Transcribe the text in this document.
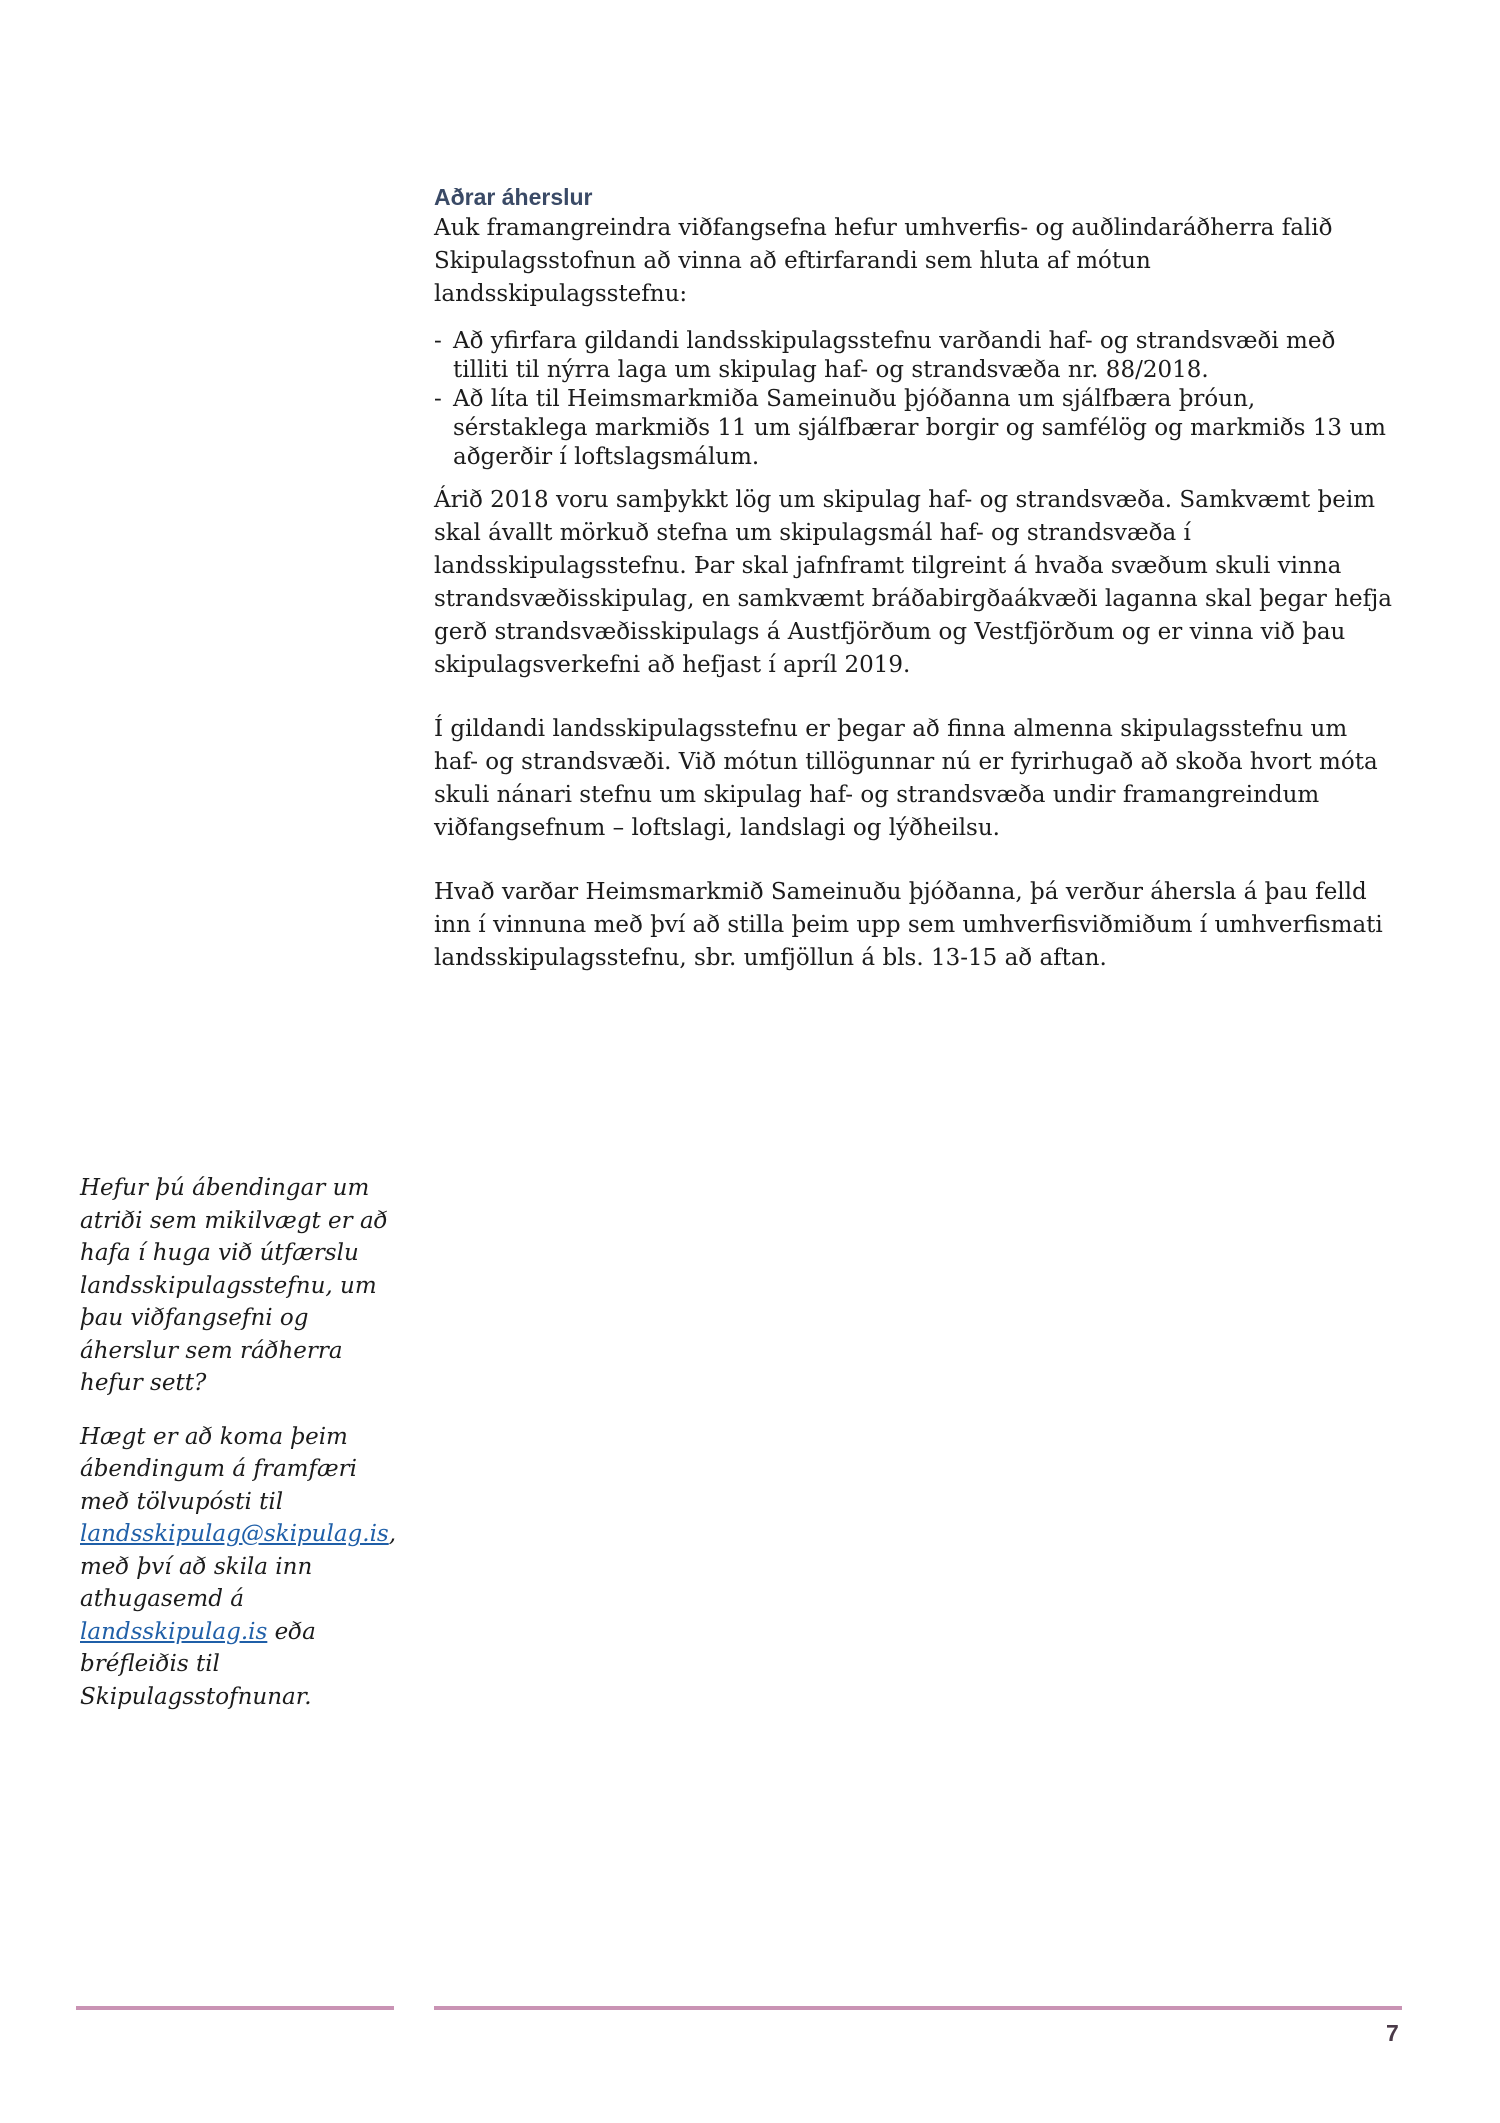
Aðrar áherslur

Auk framangreindra viðfangsefna hefur umhverfis- og auðlindaráðherra falið Skipulagsstofnun að vinna að eftirfarandi sem hluta af mótun landsskipulagsstefnu:

- Að yfirfara gildandi landsskipulagsstefnu varðandi haf- og strandsvæði með tilliti til nýrra laga um skipulag haf- og strandsvæða nr. 88/2018.
- Að líta til Heimsmarkmiða Sameinuðu þjóðanna um sjálfbæra þróun, sérstaklega markmiðs 11 um sjálfbærar borgir og samfélög og markmiðs 13 um aðgerðir í loftslagsmálum.

Árið 2018 voru samþykkt lög um skipulag haf- og strandsvæða. Samkvæmt þeim skal ávallt mörkuð stefna um skipulagsmál haf- og strandsvæða í landsskipulagsstefnu. Þar skal jafnframt tilgreint á hvaða svæðum skuli vinna strandsvæðisskipulag, en samkvæmt bráðabirgðaákvæði laganna skal þegar hefja gerð strandsvæðisskipulags á Austfjörðum og Vestfjörðum og er vinna við þau skipulagsverkefni að hefjast í apríl 2019.

Í gildandi landsskipulagsstefnu er þegar að finna almenna skipulagsstefnu um haf- og strandsvæði. Við mótun tillögunnar nú er fyrirhugað að skoða hvort móta skuli nánari stefnu um skipulag haf- og strandsvæða undir framangreindum viðfangsefnum – loftslagi, landslagi og lýðheilsu.

Hvað varðar Heimsmarkmið Sameinuðu þjóðanna, þá verður áhersla á þau felld inn í vinnuna með því að stilla þeim upp sem umhverfisviðmiðum í umhverfismati landsskipulagsstefnu, sbr. umfjöllun á bls. 13-15 að aftan.

Hefur þú ábendingar um atriði sem mikilvægt er að hafa í huga við útfærslu landsskipulagsstefnu, um þau viðfangsefni og áherslur sem ráðherra hefur sett?

Hægt er að koma þeim ábendingum á framfæri með tölvupósti til landsskipulag@skipulag.is, með því að skila inn athugasemd á landsskipulag.is eða bréfleiðis til Skipulagsstofnunar.

7
